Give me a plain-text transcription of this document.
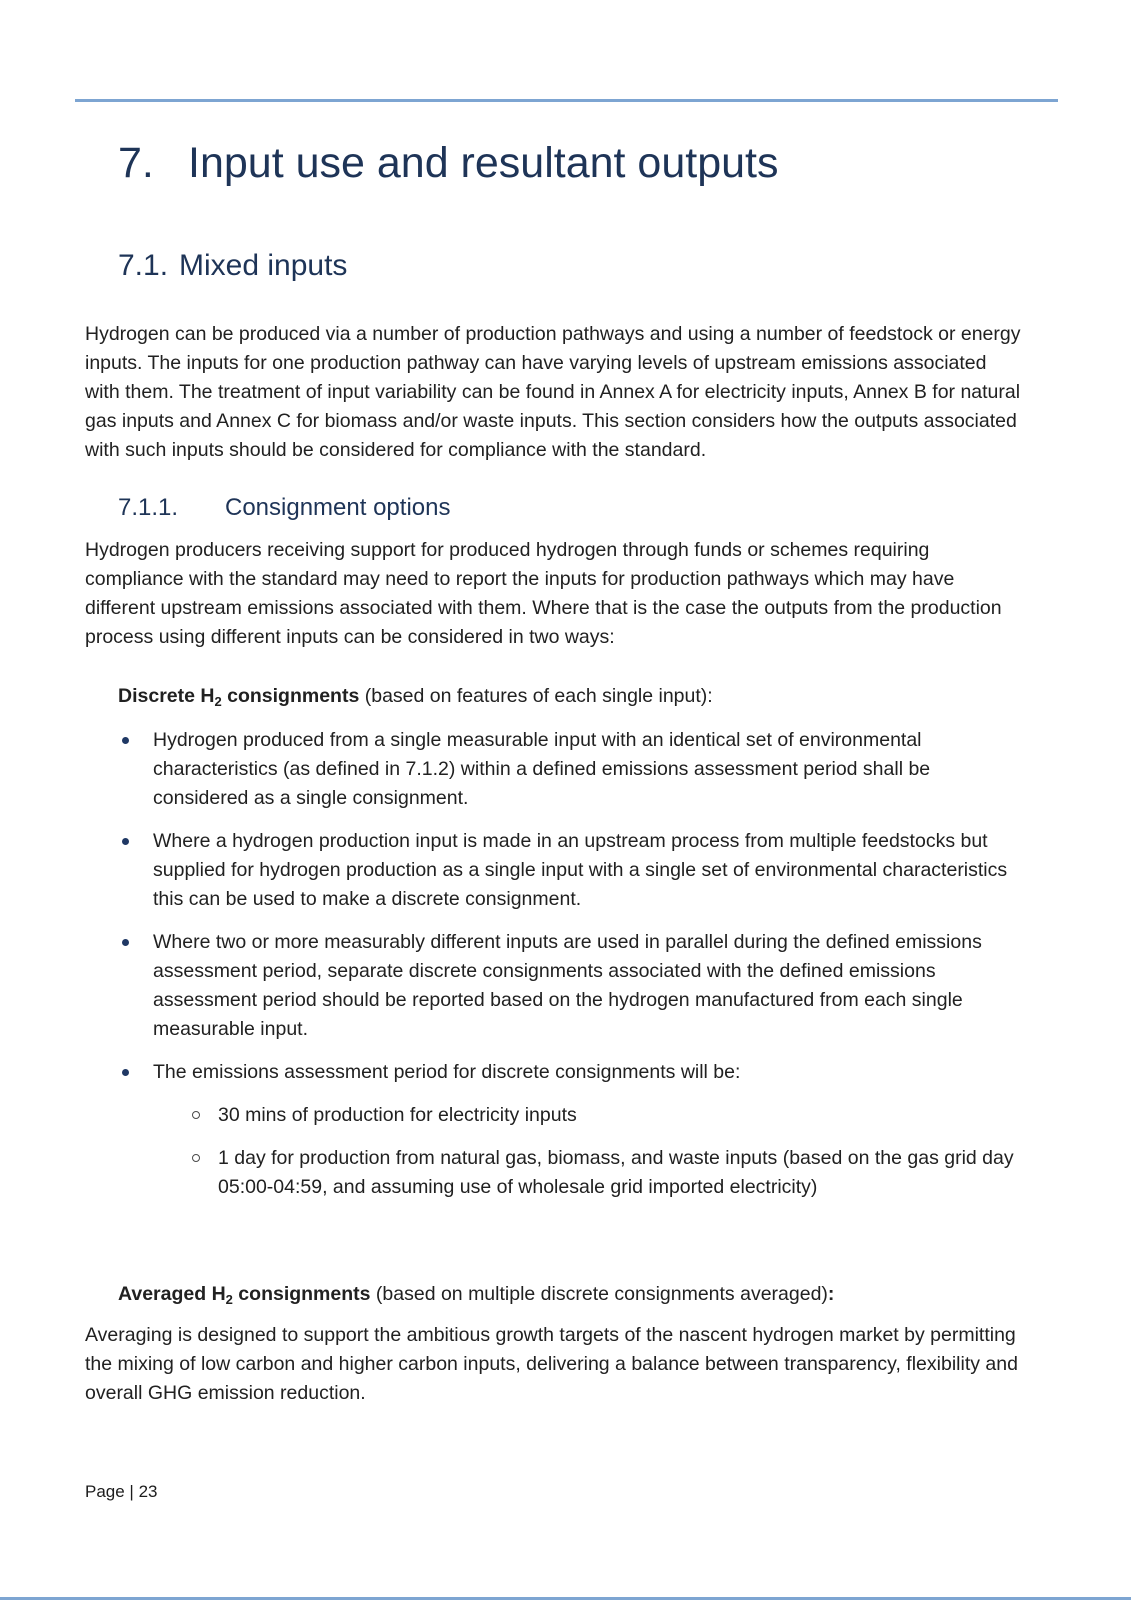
7. Input use and resultant outputs
7.1. Mixed inputs

Hydrogen can be produced via a number of production pathways and using a number of feedstock or energy inputs. The inputs for one production pathway can have varying levels of upstream emissions associated with them. The treatment of input variability can be found in Annex A for electricity inputs, Annex B for natural gas inputs and Annex C for biomass and/or waste inputs. This section considers how the outputs associated with such inputs should be considered for compliance with the standard.

7.1.1. Consignment options

Hydrogen producers receiving support for produced hydrogen through funds or schemes requiring compliance with the standard may need to report the inputs for production pathways which may have different upstream emissions associated with them. Where that is the case the outputs from the production process using different inputs can be considered in two ways:

Discrete $H_2$ consignments (based on features of each single input):
Hydrogen produced from a single measurable input with an identical set of environmental characteristics (as defined in 7.1.2) within a defined emissions assessment period shall be considered as a single consignment.
Where a hydrogen production input is made in an upstream process from multiple feedstocks but supplied for hydrogen production as a single input with a single set of environmental characteristics this can be used to make a discrete consignment.
Where two or more measurably different inputs are used in parallel during the defined emissions assessment period, separate discrete consignments associated with the defined emissions assessment period should be reported based on the hydrogen manufactured from each single measurable input.
The emissions assessment period for discrete consignments will be:
30 mins of production for electricity inputs
1 day for production from natural gas, biomass, and waste inputs (based on the gas grid day 05:00-04:59, and assuming use of wholesale grid imported electricity)
Averaged $H_2$ consignments (based on multiple discrete consignments averaged):

Averaging is designed to support the ambitious growth targets of the nascent hydrogen market by permitting the mixing of low carbon and higher carbon inputs, delivering a balance between transparency, flexibility and overall GHG emission reduction.

Page | 23
